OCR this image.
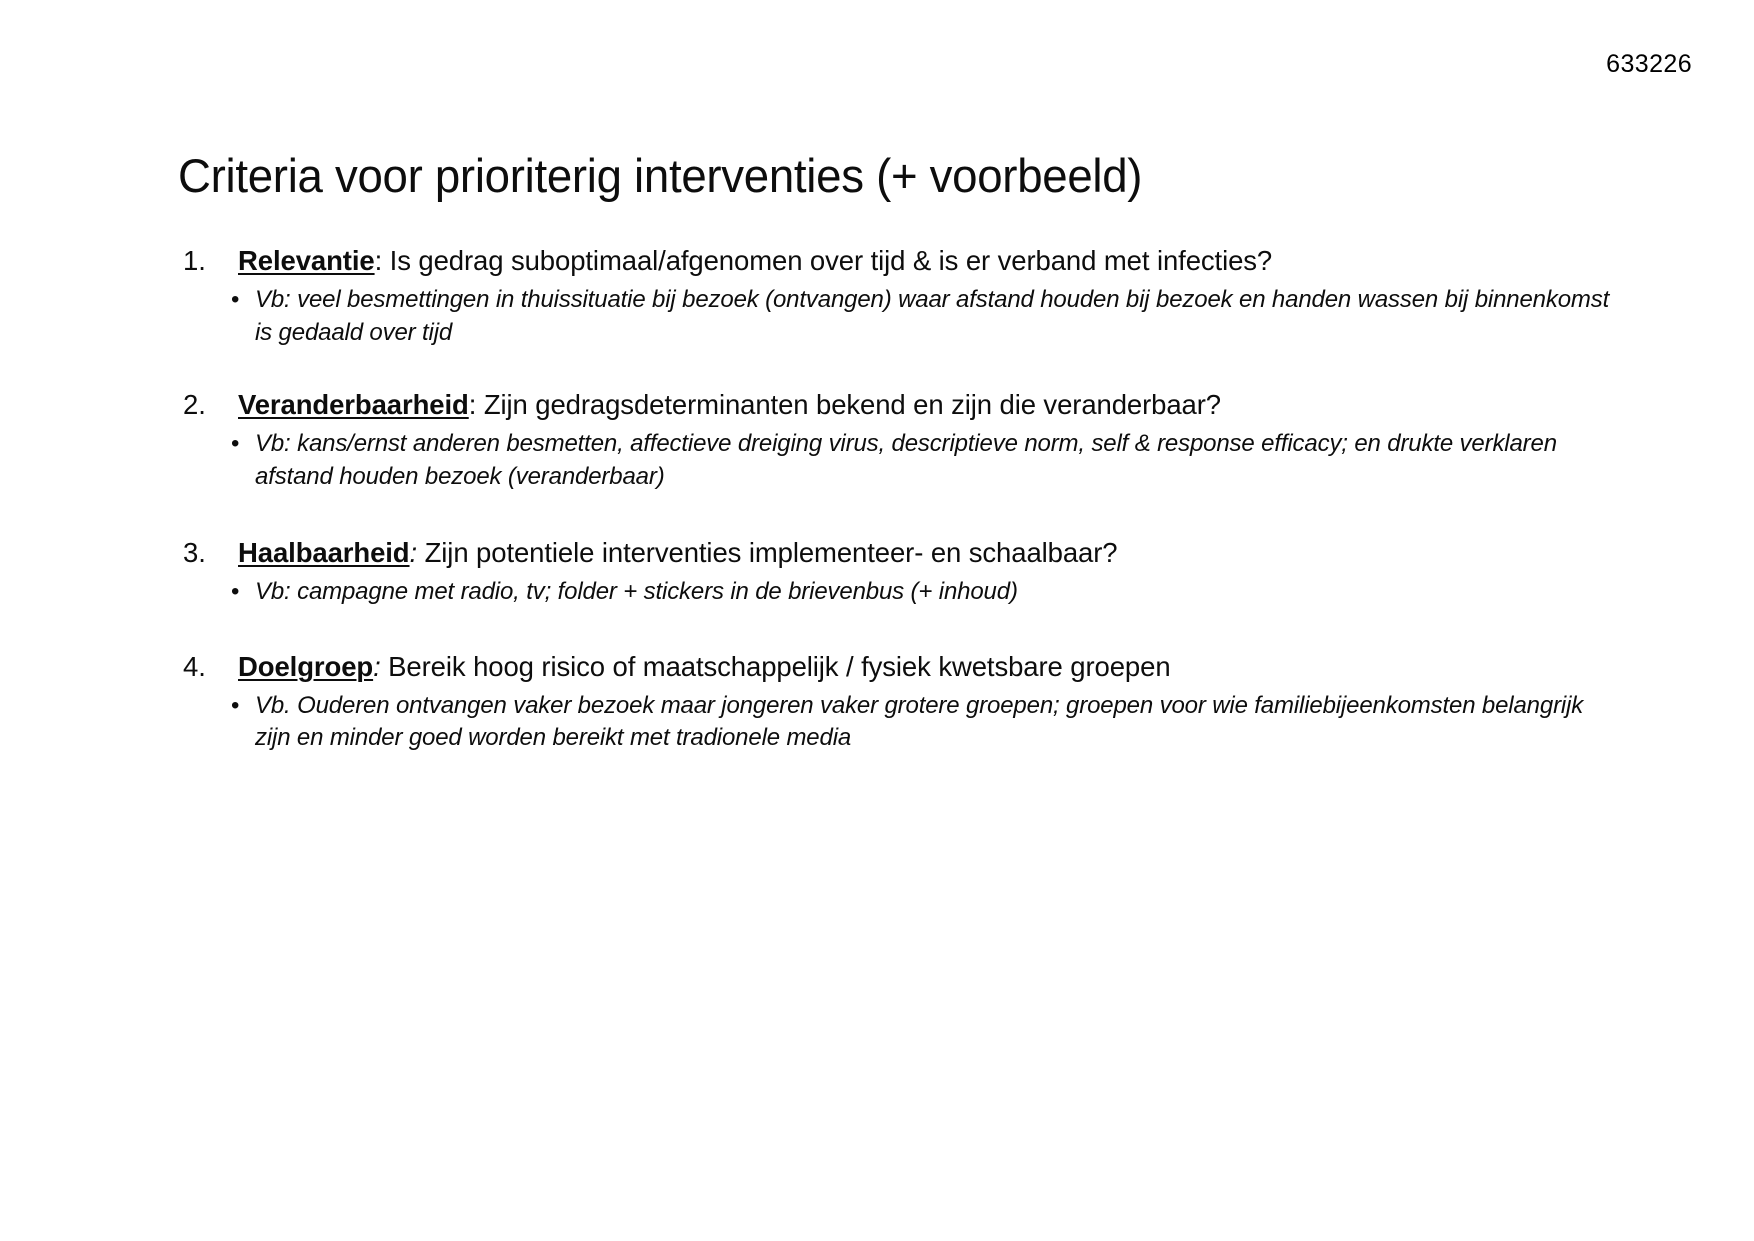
633226
Criteria voor prioriterig interventies (+ voorbeeld)
1.	Relevantie: Is gedrag suboptimaal/afgenomen over tijd & is er verband met infecties?
• Vb: veel besmettingen in thuissituatie bij bezoek (ontvangen) waar afstand houden bij bezoek en handen wassen bij binnenkomst is gedaald over tijd
2.	Veranderbaarheid: Zijn gedragsdeterminanten bekend en zijn die veranderbaar?
• Vb: kans/ernst anderen besmetten, affectieve dreiging virus, descriptieve norm, self & response efficacy; en drukte verklaren afstand houden bezoek (veranderbaar)
3.	Haalbaarheid: Zijn potentiele interventies implementeer- en schaalbaar?
• Vb: campagne met radio, tv; folder + stickers in de brievenbus (+ inhoud)
4.	Doelgroep: Bereik hoog risico of maatschappelijk / fysiek kwetsbare groepen
• Vb. Ouderen ontvangen vaker bezoek maar jongeren vaker grotere groepen; groepen voor wie familiebijeenkomsten belangrijk zijn en minder goed worden bereikt met tradionele media
